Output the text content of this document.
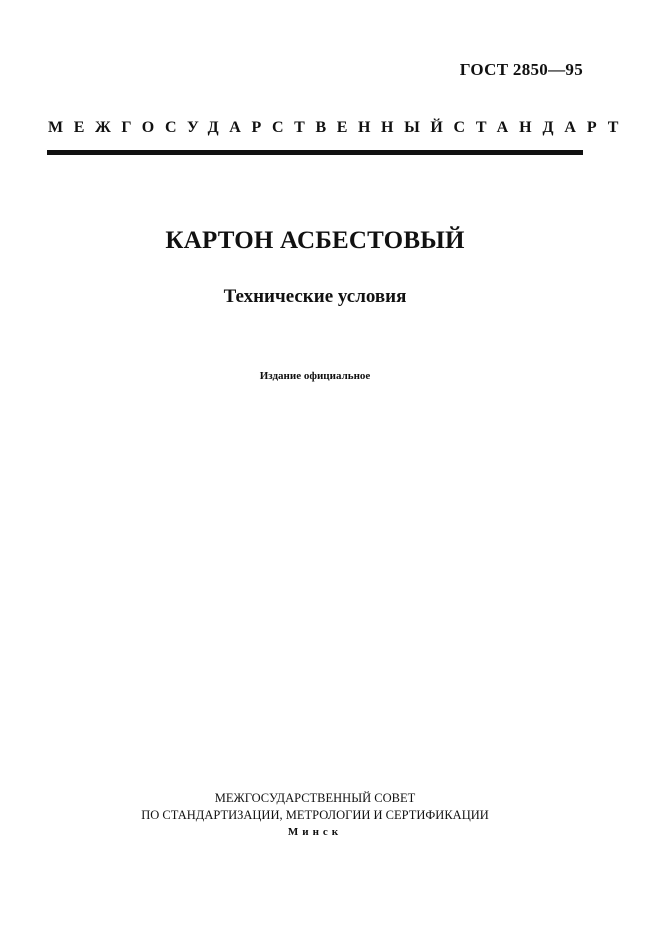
ГОСТ 2850—95
МЕЖГОСУДАРСТВЕННЫЙ СТАНДАРТ
КАРТОН АСБЕСТОВЫЙ
Технические условия
Издание официальное
МЕЖГОСУДАРСТВЕННЫЙ СОВЕТ
ПО СТАНДАРТИЗАЦИИ, МЕТРОЛОГИИ И СЕРТИФИКАЦИИ
Минск
